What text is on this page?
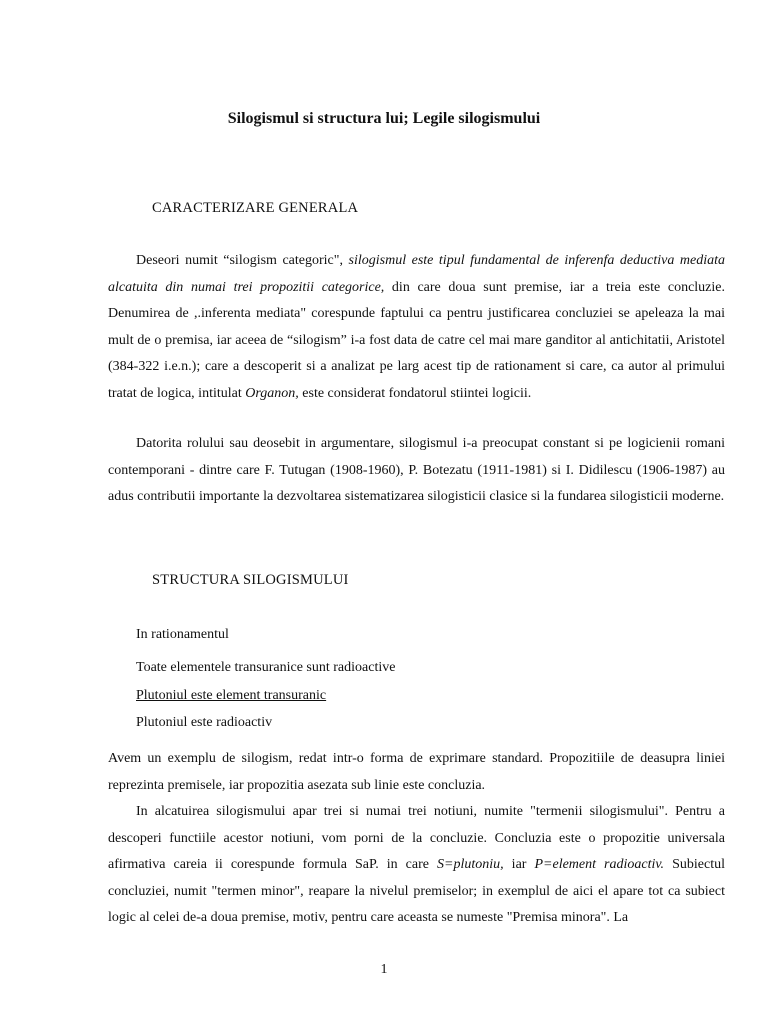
Silogismul si structura lui; Legile silogismului
CARACTERIZARE GENERALA

Deseori numit “silogism categoric", silogismul este tipul fundamental de inferenfa deductiva mediata alcatuita din numai trei propozitii categorice, din care doua sunt premise, iar a treia este concluzie. Denumirea de ,.inferenta mediata" corespunde faptului ca pentru justificarea concluziei se apeleaza la mai mult de o premisa, iar aceea de “silogism” i-a fost data de catre cel mai mare ganditor al antichitatii, Aristotel (384-322 i.e.n.); care a descoperit si a analizat pe larg acest tip de rationament si care, ca autor al primului tratat de logica, intitulat Organon, este considerat fondatorul stiintei logicii.

Datorita rolului sau deosebit in argumentare, silogismul i-a preocupat constant si pe logicienii romani contemporani - dintre care F. Tutugan (1908-1960), P. Botezatu (1911-1981) si I. Didilescu (1906-1987) au adus contributii importante la dezvoltarea sistematizarea silogisticii clasice si la fundarea silogisticii moderne.

STRUCTURA SILOGISMULUI
In rationamentul
Toate elementele transuranice sunt radioactive
Plutoniul este element transuranic
Plutoniul este radioactiv

Avem un exemplu de silogism, redat intr-o forma de exprimare standard. Propozitiile de deasupra liniei reprezinta premisele, iar propozitia asezata sub linie este concluzia.

In alcatuirea silogismului apar trei si numai trei notiuni, numite "termenii silogismului". Pentru a descoperi functiile acestor notiuni, vom porni de la concluzie. Concluzia este o propozitie universala afirmativa careia ii corespunde formula SaP. in care S=plutoniu, iar P=element radioactiv. Subiectul concluziei, numit "termen minor", reapare la nivelul premiselor; in exemplul de aici el apare tot ca subiect logic al celei de-a doua premise, motiv, pentru care aceasta se numeste "Premisa minora". La

1
